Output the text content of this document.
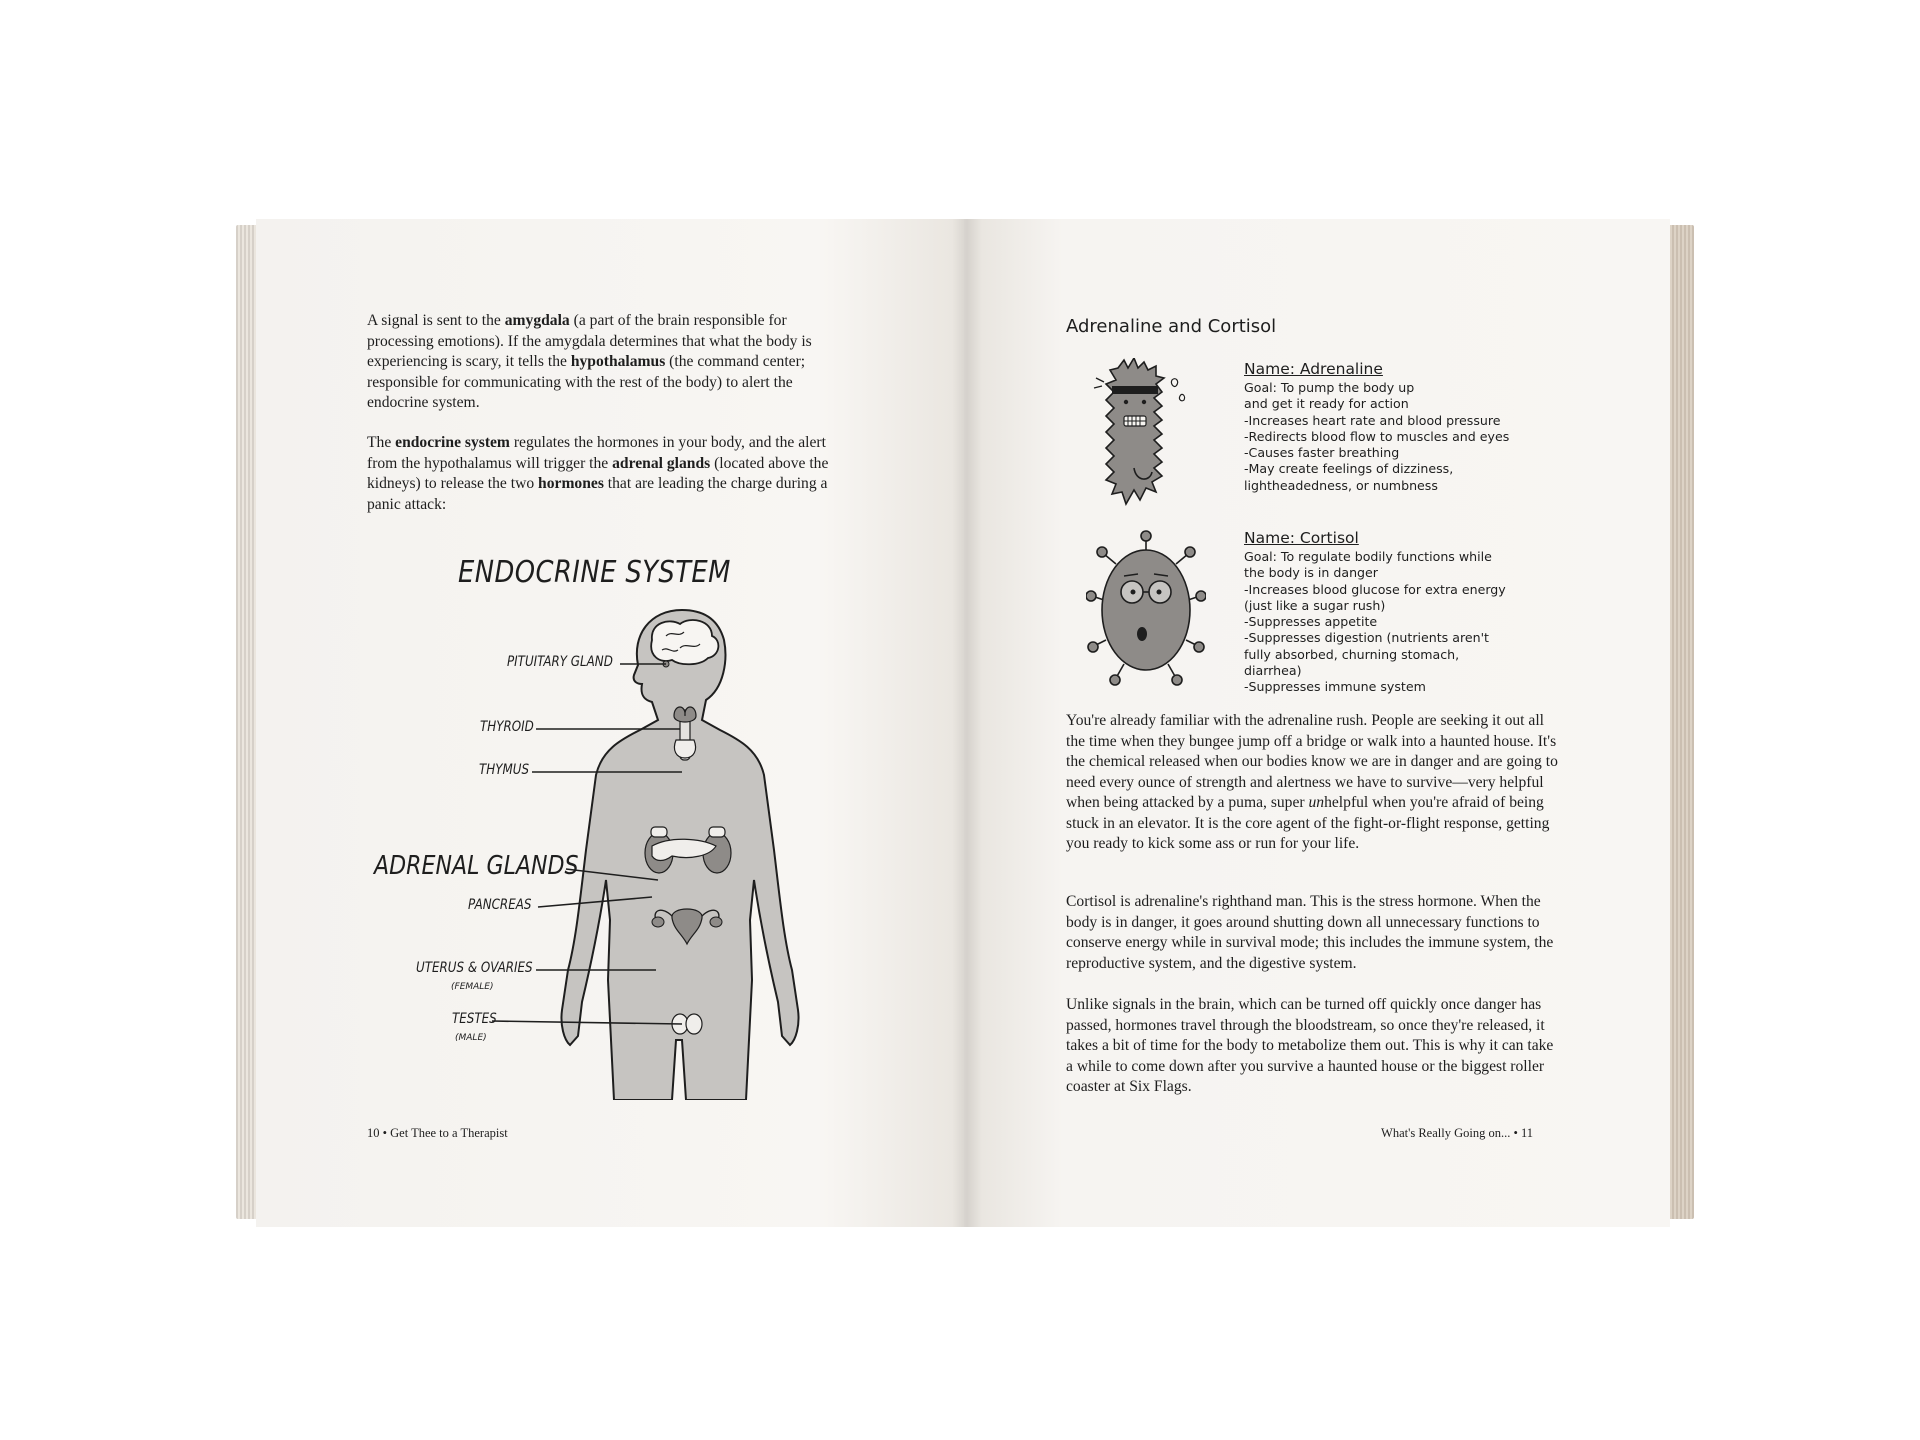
A signal is sent to the amygdala (a part of the brain responsible for processing emotions). If the amygdala determines that what the body is experiencing is scary, it tells the hypothalamus (the command center; responsible for communicating with the rest of the body) to alert the endocrine system.

The endocrine system regulates the hormones in your body, and the alert from the hypothalamus will trigger the adrenal glands (located above the kidneys) to release the two hormones that are leading the charge during a panic attack:

ENDOCRINE SYSTEM
PITUITARY GLAND
THYROID
THYMUS
ADRENAL GLANDS
PANCREAS
UTERUS & OVARIES
(FEMALE)
TESTES
(MALE)
10 • Get Thee to a Therapist
Adrenaline and Cortisol
Name: Adrenaline
Goal: To pump the body up
and get it ready for action
-Increases heart rate and blood pressure
-Redirects blood flow to muscles and eyes
-Causes faster breathing
-May create feelings of dizziness,
lightheadedness, or numbness
Name: Cortisol
Goal: To regulate bodily functions while
the body is in danger
-Increases blood glucose for extra energy
(just like a sugar rush)
-Suppresses appetite
-Suppresses digestion (nutrients aren't
fully absorbed, churning stomach,
diarrhea)
-Suppresses immune system

You're already familiar with the adrenaline rush. People are seeking it out all the time when they bungee jump off a bridge or walk into a haunted house. It's the chemical released when our bodies know we are in danger and are going to need every ounce of strength and alertness we have to survive—very helpful when being attacked by a puma, super unhelpful when you're afraid of being stuck in an elevator. It is the core agent of the fight-or-flight response, getting you ready to kick some ass or run for your life.

Cortisol is adrenaline's righthand man. This is the stress hormone. When the body is in danger, it goes around shutting down all unnecessary functions to conserve energy while in survival mode; this includes the immune system, the reproductive system, and the digestive system.

Unlike signals in the brain, which can be turned off quickly once danger has passed, hormones travel through the bloodstream, so once they're released, it takes a bit of time for the body to metabolize them out. This is why it can take a while to come down after you survive a haunted house or the biggest roller coaster at Six Flags.

What's Really Going on... • 11
